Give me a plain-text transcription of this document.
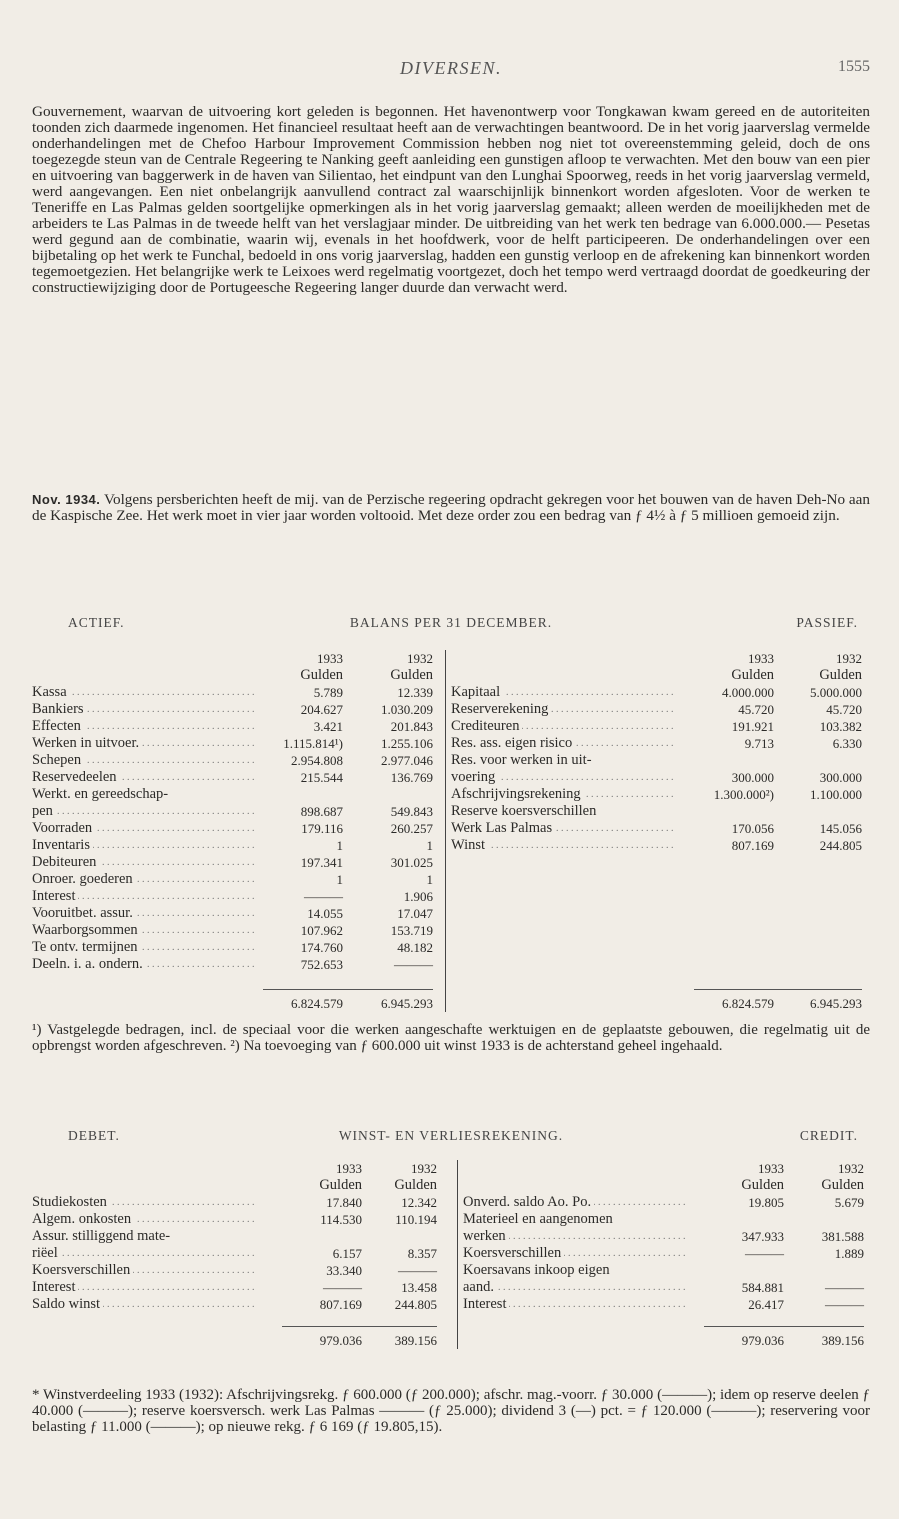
DIVERSEN.	1555

Gouvernement, waarvan de uitvoering kort geleden is begonnen. Het havenontwerp voor Tongkawan kwam gereed en de autoriteiten toonden zich daarmede ingenomen. Het financieel resultaat heeft aan de verwachtingen beantwoord. De in het vorig jaarverslag vermelde onderhandelingen met de Chefoo Harbour Improvement Commission hebben nog niet tot overeenstemming geleid, doch de ons toegezegde steun van de Centrale Regeering te Nanking geeft aanleiding een gunstigen afloop te verwachten. Met den bouw van een pier en uitvoering van baggerwerk in de haven van Silientao, het eindpunt van den Lunghai Spoorweg, reeds in het vorig jaarverslag vermeld, werd aangevangen. Een niet onbelangrijk aanvullend contract zal waarschijnlijk binnenkort worden afgesloten. Voor de werken te Teneriffe en Las Palmas gelden soortgelijke opmerkingen als in het vorig jaarverslag gemaakt; alleen werden de moeilijkheden met de arbeiders te Las Palmas in de tweede helft van het verslagjaar minder. De uitbreiding van het werk ten bedrage van 6.000.000.— Pesetas werd gegund aan de combinatie, waarin wij, evenals in het hoofdwerk, voor de helft participeeren. De onderhandelingen over een bijbetaling op het werk te Funchal, bedoeld in ons vorig jaarverslag, hadden een gunstig verloop en de afrekening kan binnenkort worden tegemoetgezien. Het belangrijke werk te Leixoes werd regelmatig voortgezet, doch het tempo werd vertraagd doordat de goedkeuring der constructiewijziging door de Portugeesche Regeering langer duurde dan verwacht werd.

Nov. 1934. Volgens persberichten heeft de mij. van de Perzische regeering opdracht gekregen voor het bouwen van de haven Deh-No aan de Kaspische Zee. Het werk moet in vier jaar worden voltooid. Met deze order zou een bedrag van ƒ 4½ à ƒ 5 millioen gemoeid zijn.

ACTIEF.	BALANS PER 31 DECEMBER.	PASSIEF.
1933	1932	1933	1932
Gulden	Gulden	Gulden	Gulden
Kassa . . .	5.789	12.339
Bankiers . . .	204.627	1.030.209
Effecten . . .	3.421	201.843
Werken in uitvoer. . . .	1.115.814¹)	1.255.106
Schepen . . .	2.954.808	2.977.046
Reservedeelen . . .	215.544	136.769
Werkt. en gereedschap-
pen . . .	898.687	549.843
Voorraden . . .	179.116	260.257
Inventaris . . .	1	1
Debiteuren . . .	197.341	301.025
Onroer. goederen . . .	1	1
Interest . . .	———	1.906
Vooruitbet. assur. . . .	14.055	17.047
Waarborgsommen . . .	107.962	153.719
Te ontv. termijnen . . .	174.760	48.182
Deeln. i. a. ondern. . . .	752.653	———
Kapitaal . . .	4.000.000	5.000.000
Reserverekening . . .	45.720	45.720
Crediteuren . . .	191.921	103.382
Res. ass. eigen risico . . .	9.713	6.330
Res. voor werken in uit-
voering . . .	300.000	300.000
Afschrijvingsrekening . . .	1.300.000²)	1.100.000
Reserve koersverschillen
Werk Las Palmas . . .	170.056	145.056
Winst . . .	807.169	244.805
6.824.579	6.945.293	6.824.579	6.945.293

¹) Vastgelegde bedragen, incl. de speciaal voor die werken aangeschafte werktuigen en de geplaatste gebouwen, die regelmatig uit de opbrengst worden afgeschreven. ²) Na toevoeging van ƒ 600.000 uit winst 1933 is de achterstand geheel ingehaald.

DEBET.	WINST- EN VERLIESREKENING.	CREDIT.
1933	1932	1933	1932
Gulden	Gulden	Gulden	Gulden
Studiekosten . . .	17.840	12.342
Algem. onkosten . . .	114.530	110.194
Assur. stilliggend mate-
riëel . . .	6.157	8.357
Koersverschillen . . .	33.340	———
Interest . . .	———	13.458
Saldo winst . . .	807.169	244.805
Onverd. saldo Ao. Po. . . .	19.805	5.679
Materieel en aangenomen
werken . . .	347.933	381.588
Koersverschillen . . .	———	1.889
Koersavans inkoop eigen
aand. . . .	584.881	———
Interest . . .	26.417	———
979.036	389.156	979.036	389.156

* Winstverdeeling 1933 (1932): Afschrijvingsrekg. ƒ 600.000 (ƒ 200.000); afschr. mag.-voorr. ƒ 30.000 (———); idem op reserve deelen ƒ 40.000 (———); reserve koersversch. werk Las Palmas ——— (ƒ 25.000); dividend 3 (—) pct. = ƒ 120.000 (———); reservering voor belasting ƒ 11.000 (———); op nieuwe rekg. ƒ 6 169 (ƒ 19.805,15).
